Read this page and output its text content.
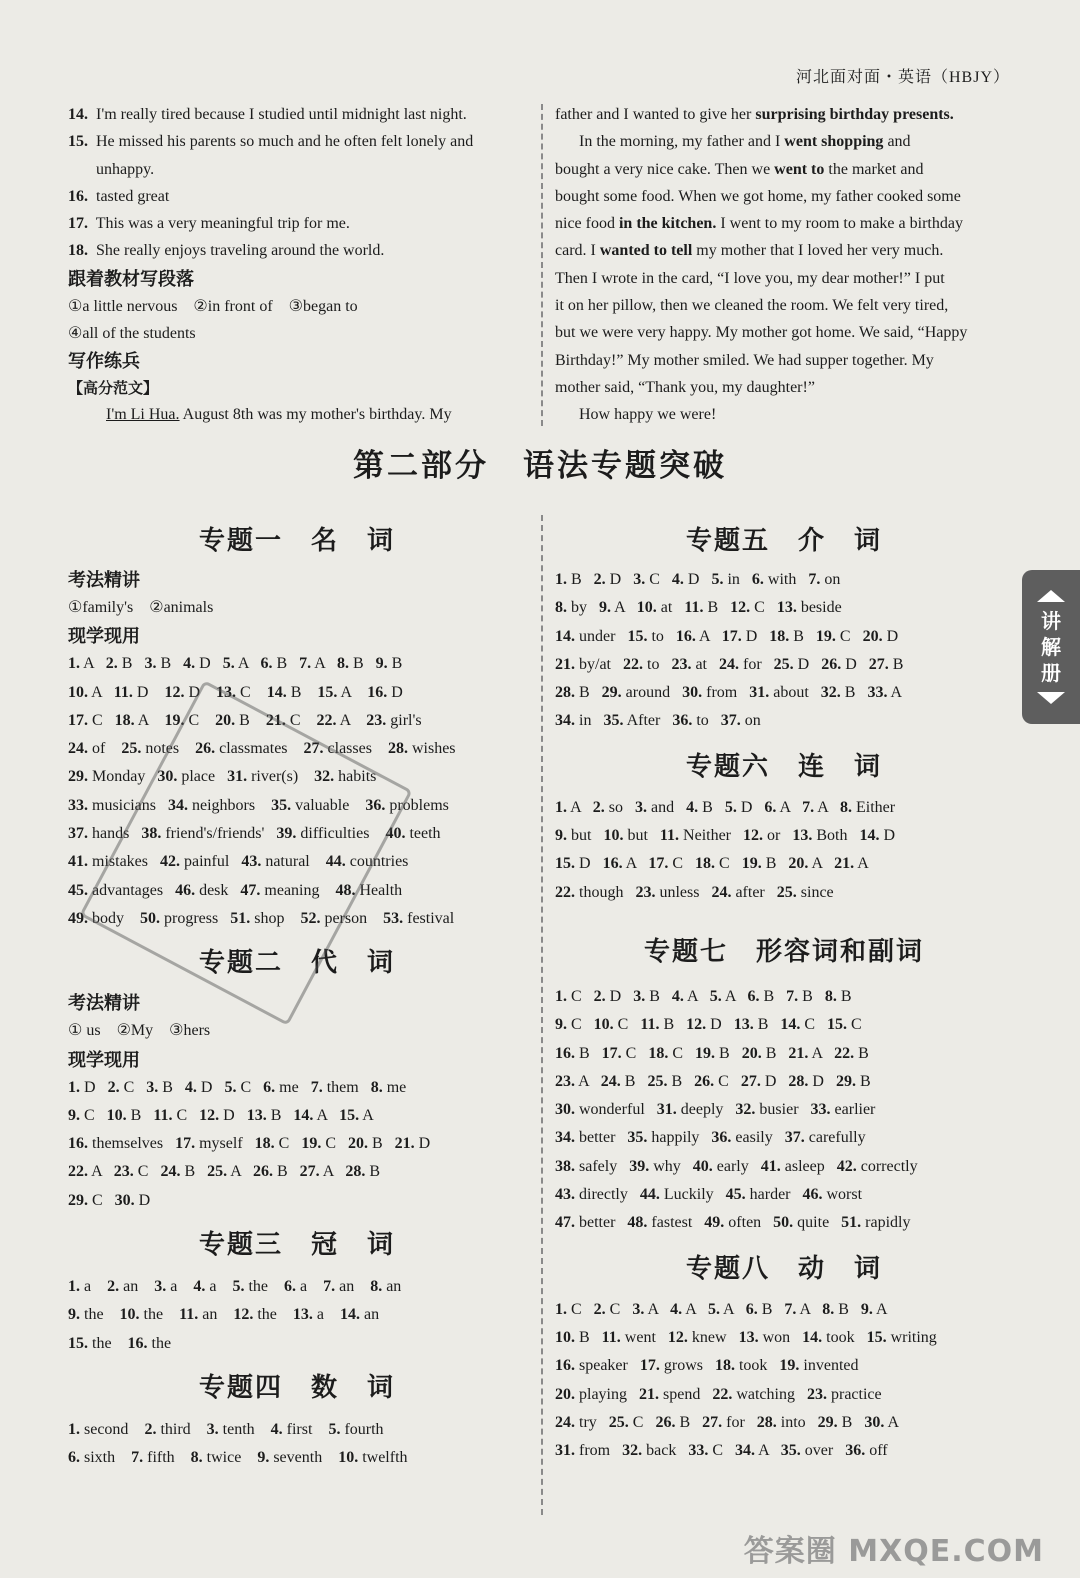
河北面对面・英语（HBJY）
14.  I'm really tired because I studied until midnight last night.
15.  He missed his parents so much and he often felt lonely and
unhappy.
16.  tasted great
17.  This was a very meaningful trip for me.
18.  She really enjoys traveling around the world.
跟着教材写段落
①a little nervous    ②in front of    ③began to
④all of the students
写作练兵
【高分范文】
I'm Li Hua. August 8th was my mother's birthday. My
father and I wanted to give her surprising birthday presents.
In the morning, my father and I went shopping and
bought a very nice cake. Then we went to the market and
bought some food. When we got home, my father cooked some
nice food in the kitchen. I went to my room to make a birthday
card. I wanted to tell my mother that I loved her very much.
Then I wrote in the card, “I love you, my dear mother!” I put
it on her pillow, then we cleaned the room. We felt very tired,
but we were very happy. My mother got home. We said, “Happy
Birthday!” My mother smiled. We had supper together. My
mother said, “Thank you, my daughter!”
How happy we were!
第二部分　语法专题突破
专题一　名　词
考法精讲
①family's    ②animals
现学现用
1. A   2. B   3. B   4. D   5. A   6. B   7. A   8. B   9. B
10. A   11. D    12. D    13. C    14. B    15. A    16. D
17. C   18. A    19. C    20. B    21. C    22. A    23. girl's
24. of    25. notes    26. classmates    27. classes    28. wishes
29. Monday   30. place   31. river(s)    32. habits
33. musicians   34. neighbors    35. valuable    36. problems
37. hands   38. friend's/friends'   39. difficulties    40. teeth
41. mistakes   42. painful   43. natural    44. countries
45. advantages   46. desk   47. meaning    48. Health
49. body    50. progress   51. shop    52. person    53. festival
专题二　代　词
考法精讲
① us    ②My    ③hers
现学现用
1. D   2. C   3. B   4. D   5. C   6. me   7. them   8. me
9. C   10. B   11. C   12. D   13. B   14. A   15. A
16. themselves   17. myself   18. C   19. C   20. B   21. D
22. A   23. C   24. B   25. A   26. B   27. A   28. B
29. C   30. D
专题三　冠　词
1. a    2. an    3. a    4. a    5. the    6. a    7. an    8. an
9. the    10. the    11. an    12. the    13. a    14. an
15. the    16. the
专题四　数　词
1. second    2. third    3. tenth    4. first    5. fourth
6. sixth    7. fifth    8. twice    9. seventh    10. twelfth
专题五　介　词
1. B   2. D   3. C   4. D   5. in   6. with   7. on
8. by   9. A   10. at   11. B   12. C   13. beside
14. under   15. to   16. A   17. D   18. B   19. C   20. D
21. by/at   22. to   23. at   24. for   25. D   26. D   27. B
28. B   29. around   30. from   31. about   32. B   33. A
34. in   35. After   36. to   37. on
专题六　连　词
1. A   2. so   3. and   4. B   5. D   6. A   7. A   8. Either
9. but   10. but   11. Neither   12. or   13. Both   14. D
15. D   16. A   17. C   18. C   19. B   20. A   21. A
22. though   23. unless   24. after   25. since
专题七　形容词和副词
1. C   2. D   3. B   4. A   5. A   6. B   7. B   8. B
9. C   10. C   11. B   12. D   13. B   14. C   15. C
16. B   17. C   18. C   19. B   20. B   21. A   22. B
23. A   24. B   25. B   26. C   27. D   28. D   29. B
30. wonderful   31. deeply   32. busier   33. earlier
34. better   35. happily   36. easily   37. carefully
38. safely   39. why   40. early   41. asleep   42. correctly
43. directly   44. Luckily   45. harder   46. worst
47. better   48. fastest   49. often   50. quite   51. rapidly
专题八　动　词
1. C   2. C   3. A   4. A   5. A   6. B   7. A   8. B   9. A
10. B   11. went   12. knew   13. won   14. took   15. writing
16. speaker   17. grows   18. took   19. invented
20. playing   21. spend   22. watching   23. practice
24. try   25. C   26. B   27. for   28. into   29. B   30. A
31. from   32. back   33. C   34. A   35. over   36. off
讲
解
册
答案圈 MXQE.COM
